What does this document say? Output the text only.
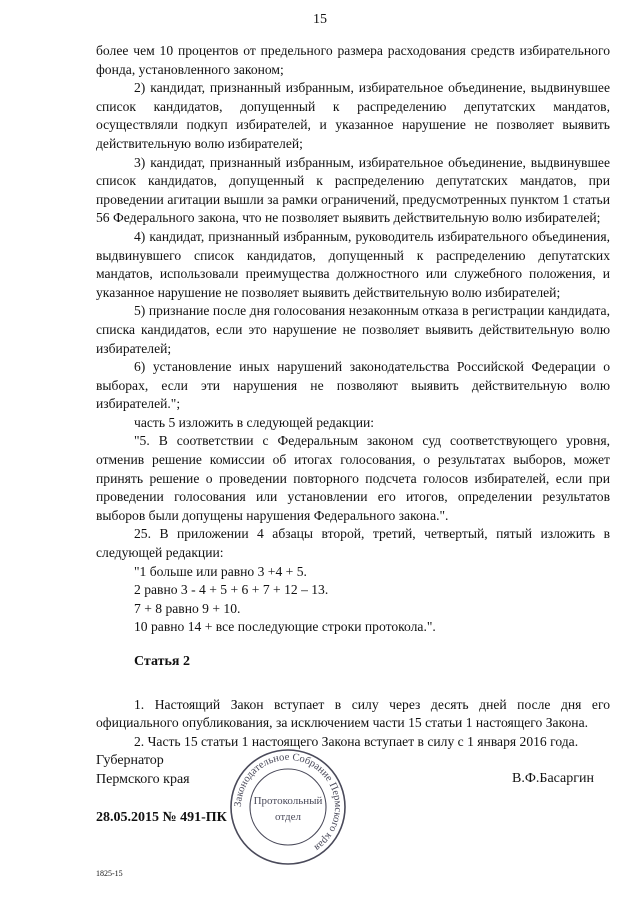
15

более чем 10 процентов от предельного размера расходования средств избирательного фонда, установленного законом;

2) кандидат, признанный избранным, избирательное объединение, выдвинувшее список кандидатов, допущенный к распределению депутатских мандатов, осуществляли подкуп избирателей, и указанное нарушение не позволяет выявить действительную волю избирателей;

3) кандидат, признанный избранным, избирательное объединение, выдвинувшее список кандидатов, допущенный к распределению депутатских мандатов, при проведении агитации вышли за рамки ограничений, предусмотренных пунктом 1 статьи 56 Федерального закона, что не позволяет выявить действительную волю избирателей;

4) кандидат, признанный избранным, руководитель избирательного объединения, выдвинувшего список кандидатов, допущенный к распределению депутатских мандатов, использовали преимущества должностного или служебного положения, и указанное нарушение не позволяет выявить действительную волю избирателей;

5) признание после дня голосования незаконным отказа в регистрации кандидата, списка кандидатов, если это нарушение не позволяет выявить действительную волю избирателей;

6) установление иных нарушений законодательства Российской Федерации о выборах, если эти нарушения не позволяют выявить действительную волю избирателей.";

часть 5 изложить в следующей редакции:

"5. В соответствии с Федеральным законом суд соответствующего уровня, отменив решение комиссии об итогах голосования, о результатах выборов, может принять решение о проведении повторного подсчета голосов избирателей, если при проведении голосования или установлении его итогов, определении результатов выборов были допущены нарушения Федерального закона.".

25. В приложении 4 абзацы второй, третий, четвертый, пятый изложить в следующей редакции:

"1 больше или равно 3 +4 + 5.

2 равно 3 - 4 + 5 + 6 + 7 + 12 – 13.

7 + 8 равно 9 + 10.

10 равно 14 + все последующие строки протокола.".

Статья 2

1. Настоящий Закон вступает в силу через десять дней после дня его официального опубликования, за исключением части 15 статьи 1 настоящего Закона.

2. Часть 15 статьи 1 настоящего Закона вступает в силу с 1 января 2016 года.

Губернатор
Пермского края	В.Ф.Басаргин
28.05.2015 № 491-ПК
1825-15
Законодательное Собрание Пермского края
Протокольный
отдел
